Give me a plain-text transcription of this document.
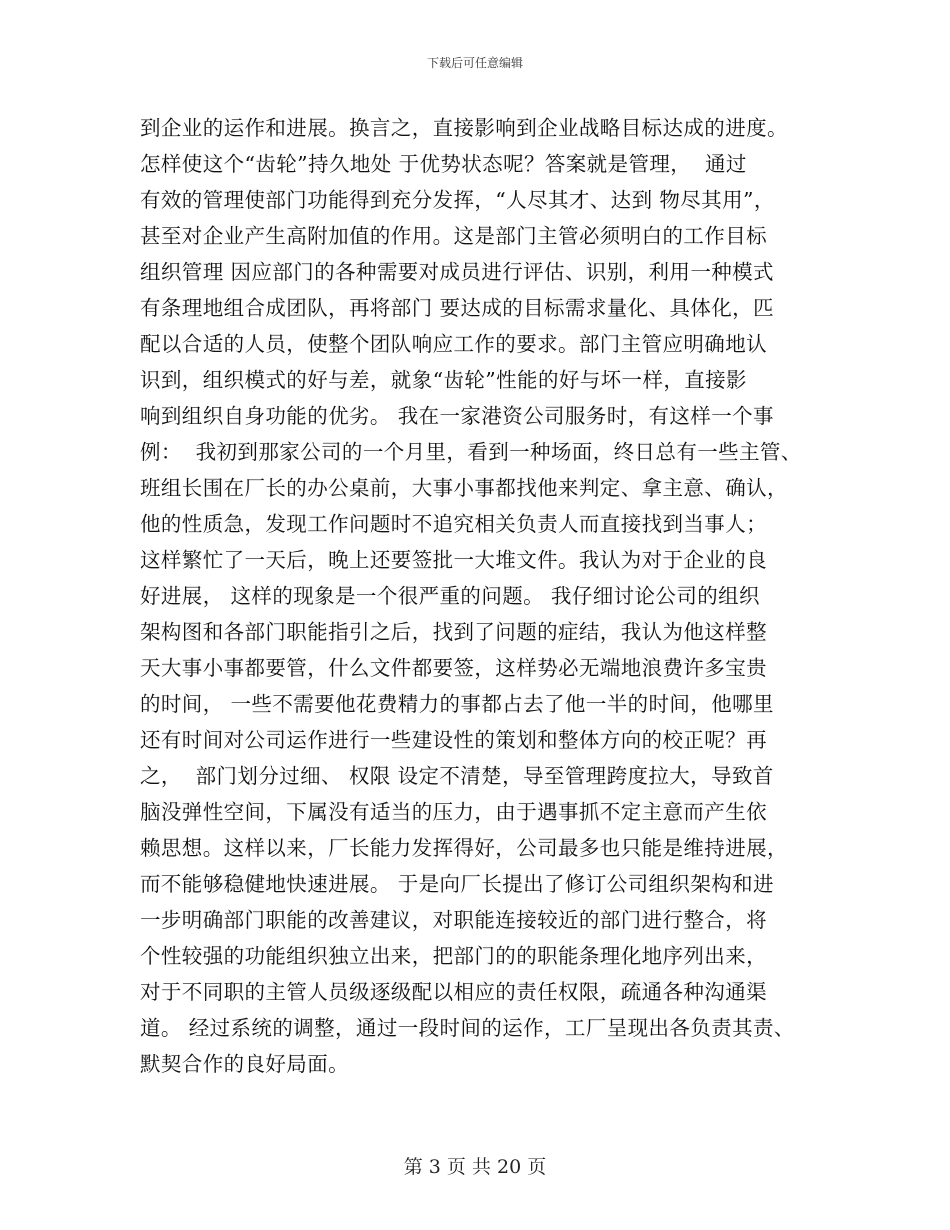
下载后可任意编辑
到企业的运作和进展。换言之，直接影响到企业战略目标达成的进度。
怎样使这个“齿轮”持久地处 于优势状态呢？答案就是管理，  通过
有效的管理使部门功能得到充分发挥，“人尽其才、达到 物尽其用”，
甚至对企业产生高附加值的作用。这是部门主管必须明白的工作目标
组织管理 因应部门的各种需要对成员进行评估、识别，利用一种模式
有条理地组合成团队，再将部门 要达成的目标需求量化、具体化，匹
配以合适的人员，使整个团队响应工作的要求。部门主管应明确地认
识到，组织模式的好与差，就象“齿轮”性能的好与坏一样，直接影
响到组织自身功能的优劣。 我在一家港资公司服务时，有这样一个事
例：  我初到那家公司的一个月里，看到一种场面，终日总有一些主管、
班组长围在厂长的办公桌前，大事小事都找他来判定、拿主意、确认，
他的性质急，发现工作问题时不追究相关负责人而直接找到当事人；
这样繁忙了一天后，晚上还要签批一大堆文件。我认为对于企业的良
好进展， 这样的现象是一个很严重的问题。 我仔细讨论公司的组织
架构图和各部门职能指引之后，找到了问题的症结，我认为他这样整
天大事小事都要管，什么文件都要签，这样势必无端地浪费许多宝贵
的时间， 一些不需要他花费精力的事都占去了他一半的时间，他哪里
还有时间对公司运作进行一些建设性的策划和整体方向的校正呢？再
之，  部门划分过细、 权限 设定不清楚，导至管理跨度拉大，导致首
脑没弹性空间，下属没有适当的压力，由于遇事抓不定主意而产生依
赖思想。这样以来，厂长能力发挥得好，公司最多也只能是维持进展，
而不能够稳健地快速进展。 于是向厂长提出了修订公司组织架构和进
一步明确部门职能的改善建议，对职能连接较近的部门进行整合，将
个性较强的功能组织独立出来，把部门的的职能条理化地序列出来，
对于不同职的主管人员级逐级配以相应的责任权限，疏通各种沟通渠
道。 经过系统的调整，通过一段时间的运作，工厂呈现出各负责其责、
默契合作的良好局面。
第 3 页 共 20 页
